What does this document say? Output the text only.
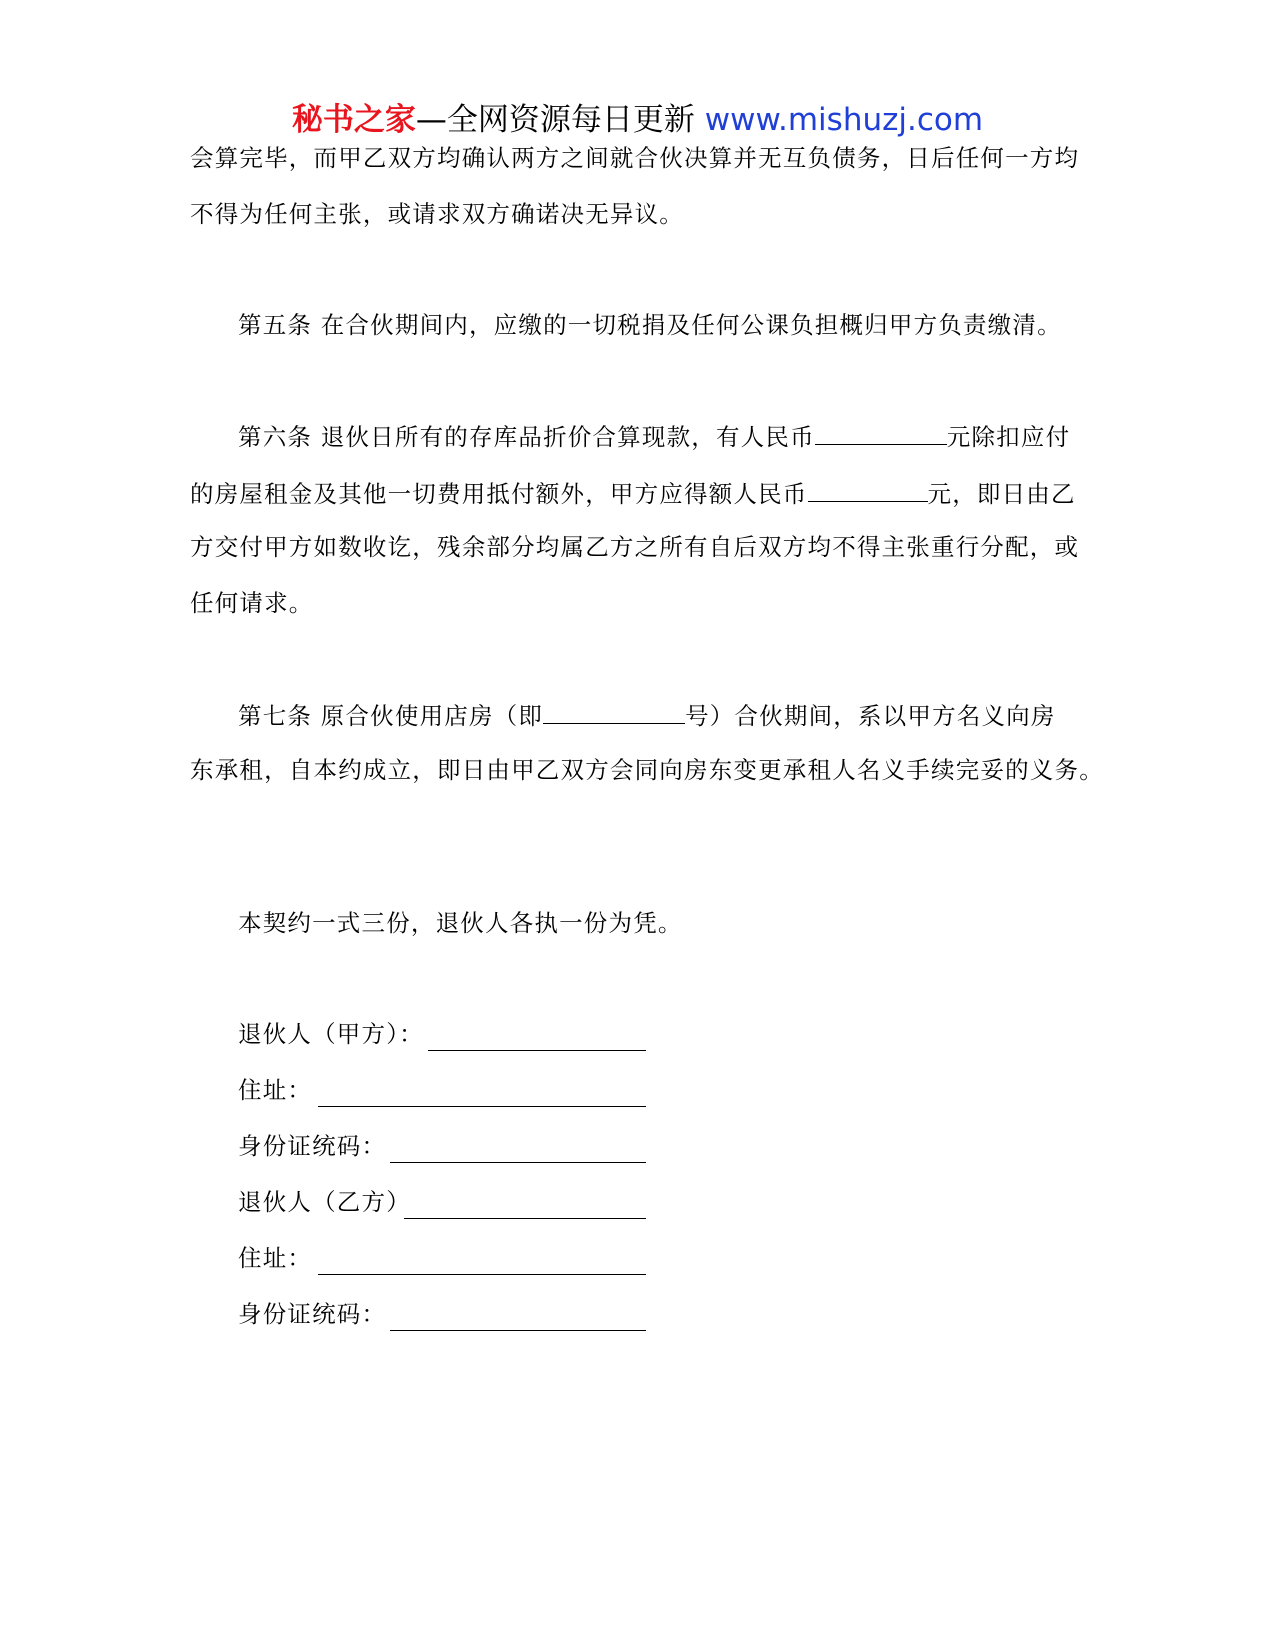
秘书之家—全网资源每日更新 www.mishuzj.com
会算完毕，而甲乙双方均确认两方之间就合伙决算并无互负债务，日后任何一方均
不得为任何主张，或请求双方确诺决无异议。
第五条 在合伙期间内，应缴的一切税捐及任何公课负担概归甲方负责缴清。
第六条 退伙日所有的存库品折价合算现款，有人民币	元除扣应付
的房屋租金及其他一切费用抵付额外，甲方应得额人民币	元，即日由乙
方交付甲方如数收讫，残余部分均属乙方之所有自后双方均不得主张重行分配，或
任何请求。
第七条 原合伙使用店房（即	号）合伙期间，系以甲方名义向房
东承租，自本约成立，即日由甲乙双方会同向房东变更承租人名义手续完妥的义务。
本契约一式三份，退伙人各执一份为凭。
退伙人（甲方）：
住址：
身份证统码：
退伙人（乙方）
住址：
身份证统码：
